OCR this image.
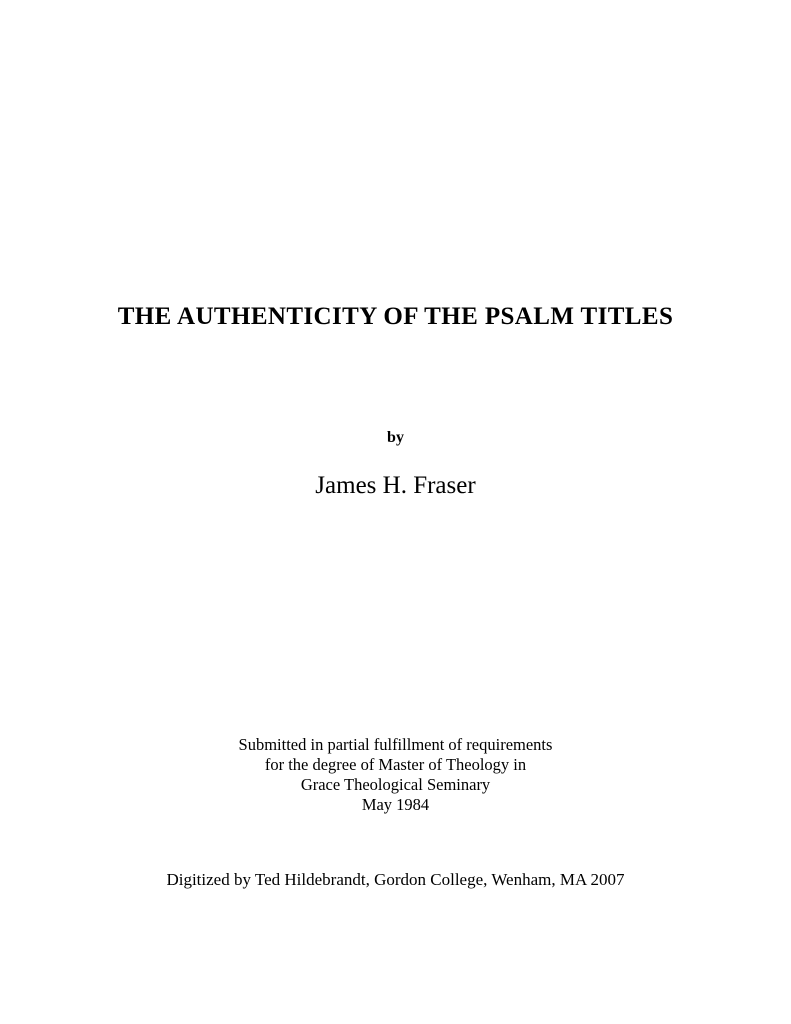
THE AUTHENTICITY OF THE PSALM TITLES

by

James H. Fraser

Submitted in partial fulfillment of requirements

for the degree of Master of Theology in

Grace Theological Seminary

May 1984

Digitized by Ted Hildebrandt, Gordon College, Wenham, MA 2007
